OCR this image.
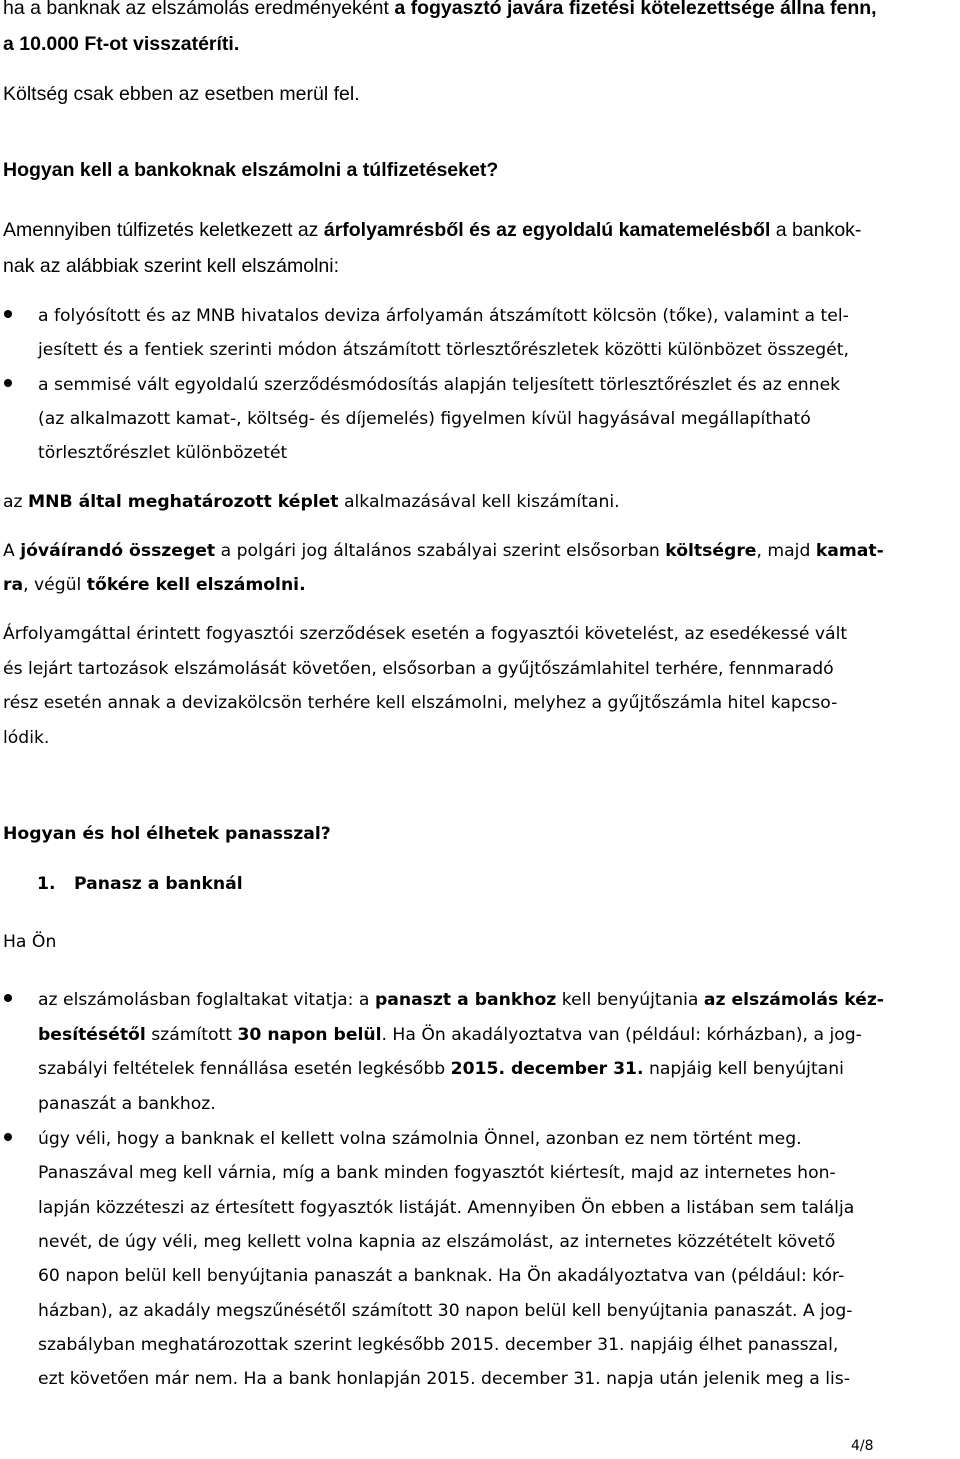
ha a banknak az elszámolás eredményeként a fogyasztó javára fizetési kötelezettsége állna fenn,
a 10.000 Ft-ot visszatéríti.
Költség csak ebben az esetben merül fel.
Hogyan kell a bankoknak elszámolni a túlfizetéseket?
Amennyiben túlfizetés keletkezett az árfolyamrésből és az egyoldalú kamatemelésből a bankok-
nak az alábbiak szerint kell elszámolni:
a folyósított és az MNB hivatalos deviza árfolyamán átszámított kölcsön (tőke), valamint a tel-
jesített és a fentiek szerinti módon átszámított törlesztőrészletek közötti különbözet összegét,
a semmisé vált egyoldalú szerződésmódosítás alapján teljesített törlesztőrészlet és az ennek
(az alkalmazott kamat-, költség- és díjemelés) figyelmen kívül hagyásával megállapítható
törlesztőrészlet különbözetét
az MNB által meghatározott képlet alkalmazásával kell kiszámítani.
A jóváírandó összeget a polgári jog általános szabályai szerint elsősorban költségre, majd kamat-
ra, végül tőkére kell elszámolni.
Árfolyamgáttal érintett fogyasztói szerződések esetén a fogyasztói követelést, az esedékessé vált
és lejárt tartozások elszámolását követően, elsősorban a gyűjtőszámlahitel terhére, fennmaradó
rész esetén annak a devizakölcsön terhére kell elszámolni, melyhez a gyűjtőszámla hitel kapcso-
lódik.
Hogyan és hol élhetek panasszal?
1. Panasz a banknál
Ha Ön
az elszámolásban foglaltakat vitatja: a panaszt a bankhoz kell benyújtania az elszámolás kéz-
besítésétől számított 30 napon belül. Ha Ön akadályoztatva van (például: kórházban), a jog-
szabályi feltételek fennállása esetén legkésőbb 2015. december 31. napjáig kell benyújtani
panaszát a bankhoz.
úgy véli, hogy a banknak el kellett volna számolnia Önnel, azonban ez nem történt meg.
Panaszával meg kell várnia, míg a bank minden fogyasztót kiértesít, majd az internetes hon-
lapján közzéteszi az értesített fogyasztók listáját. Amennyiben Ön ebben a listában sem találja
nevét, de úgy véli, meg kellett volna kapnia az elszámolást, az internetes közzétételt követő
60 napon belül kell benyújtania panaszát a banknak. Ha Ön akadályoztatva van (például: kór-
házban), az akadály megszűnésétől számított 30 napon belül kell benyújtania panaszát. A jog-
szabályban meghatározottak szerint legkésőbb 2015. december 31. napjáig élhet panasszal,
ezt követően már nem. Ha a bank honlapján 2015. december 31. napja után jelenik meg a lis-
4/8
